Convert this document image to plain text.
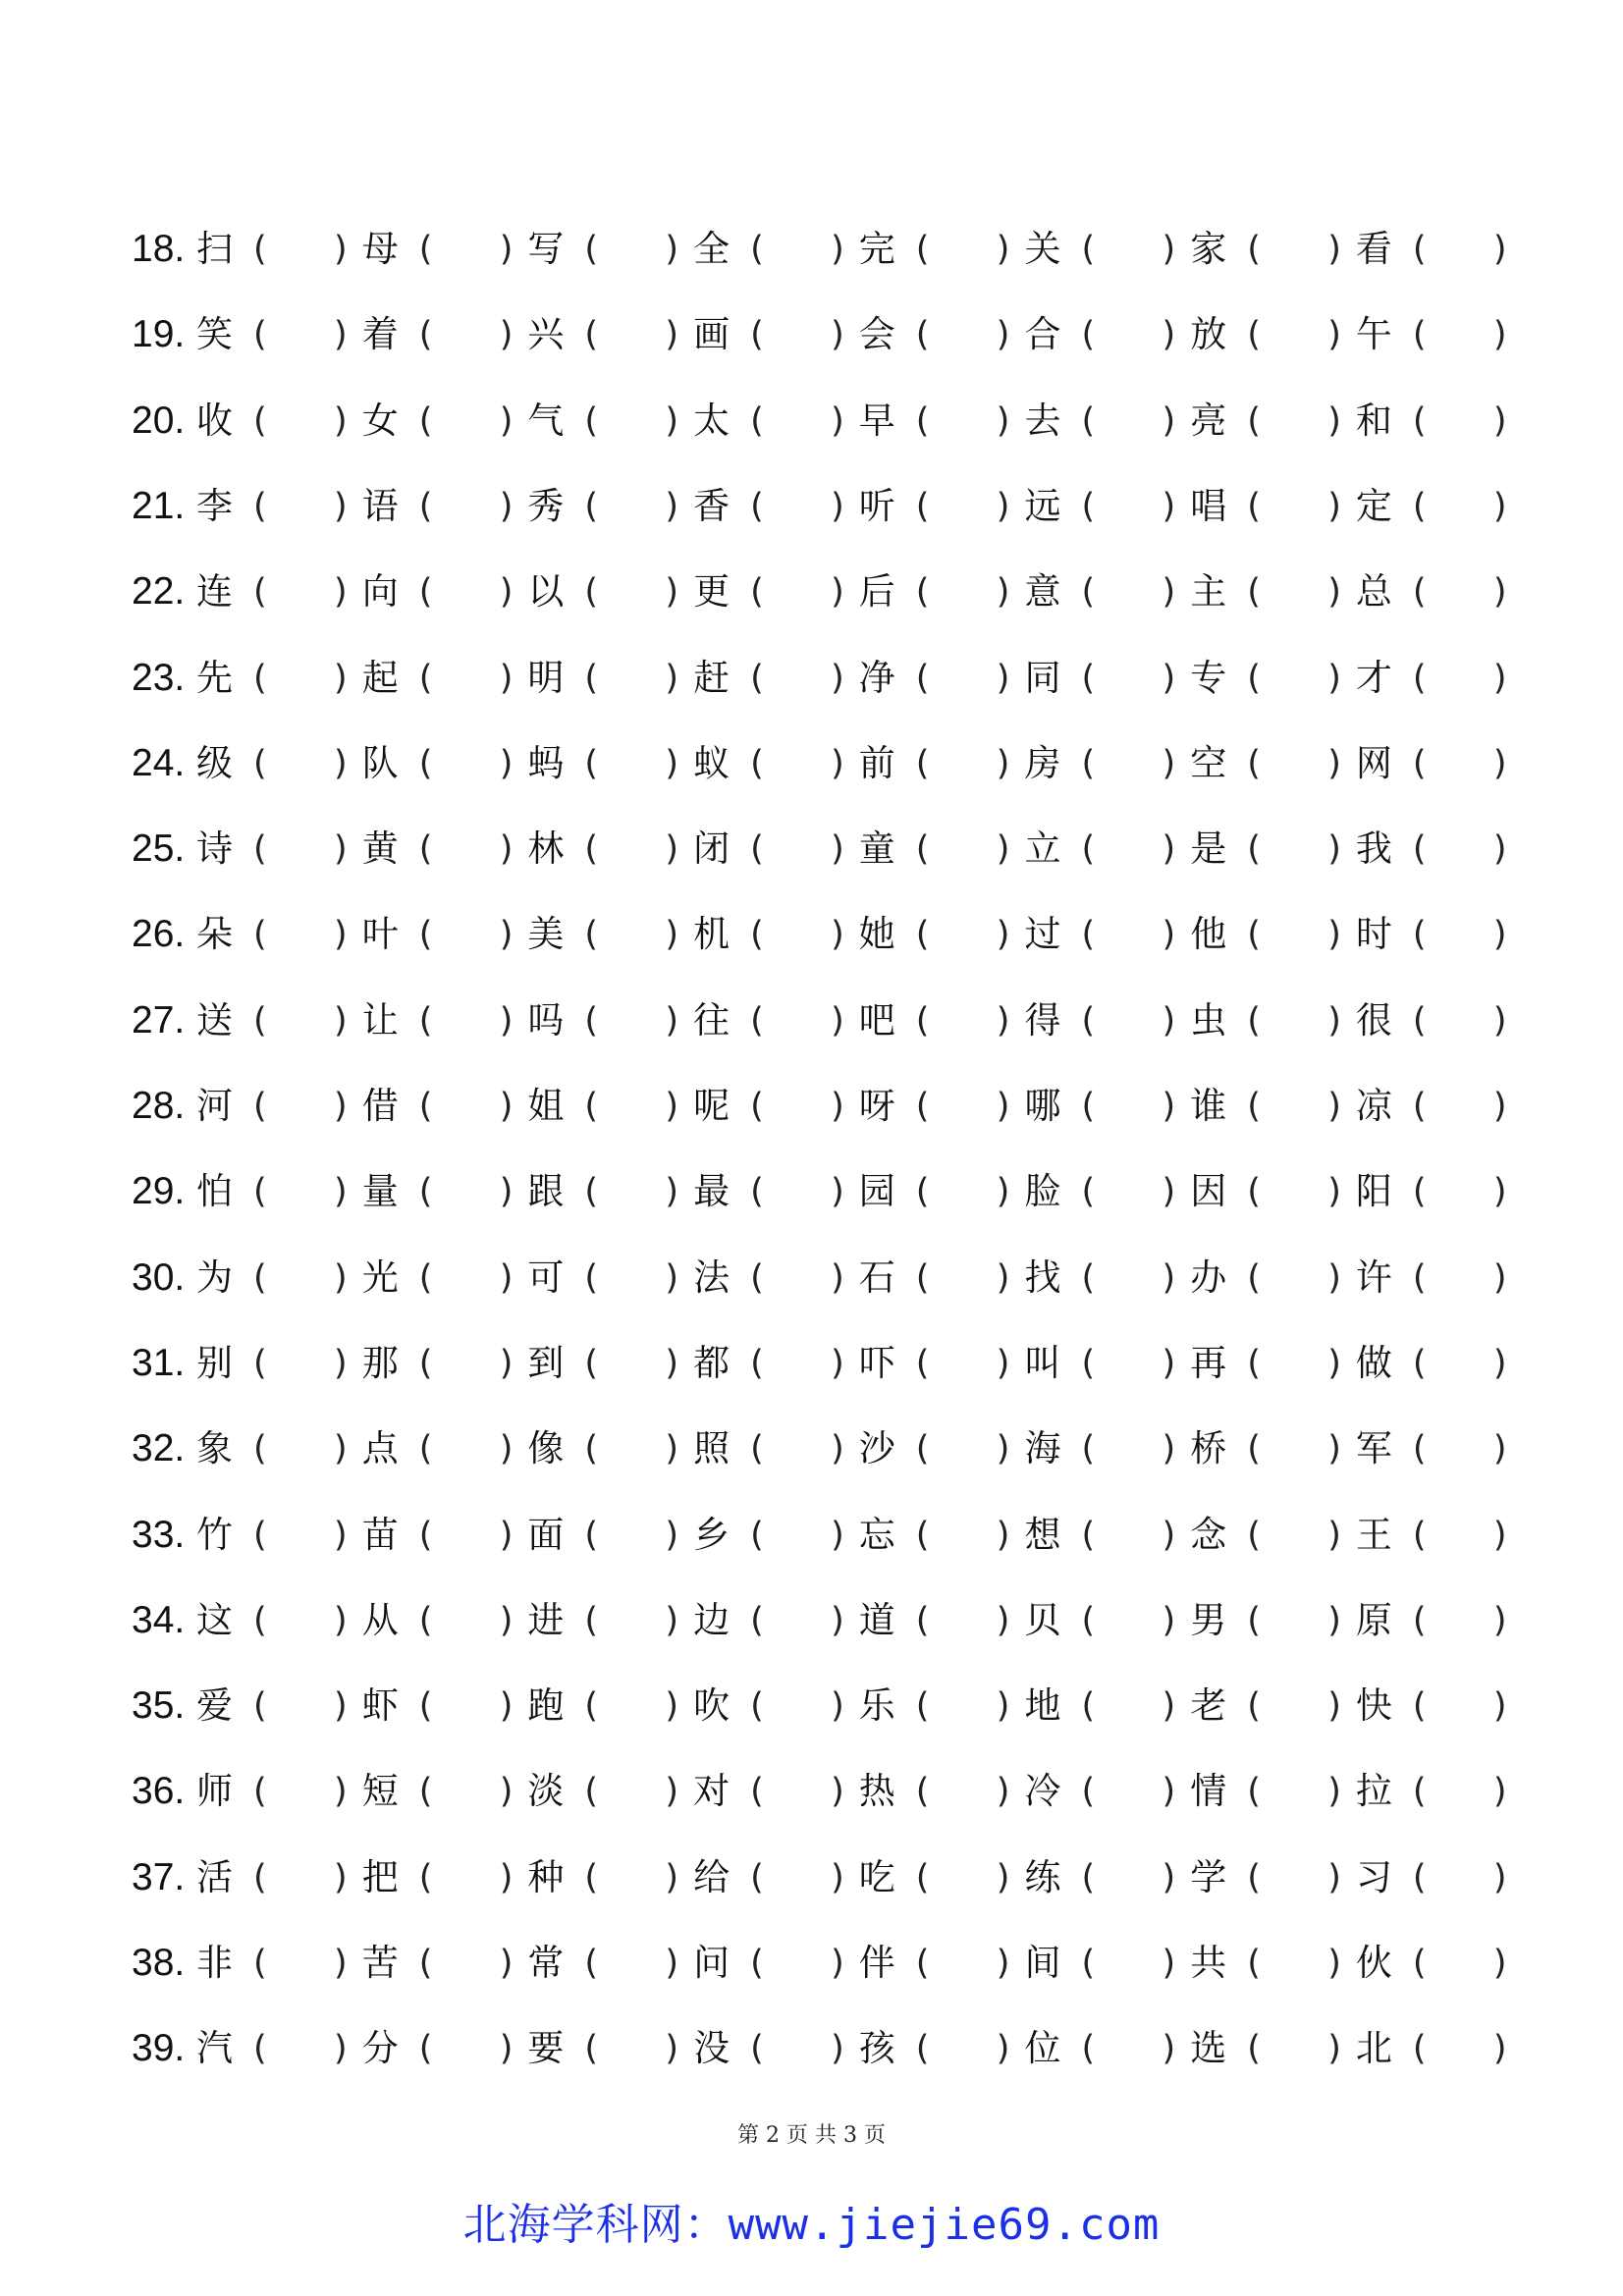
18. 扫 ( ) 母 ( ) 写 ( ) 全 ( ) 完 ( ) 关 ( ) 家 ( ) 看 ( )
19. 笑 ( ) 着 ( ) 兴 ( ) 画 ( ) 会 ( ) 合 ( ) 放 ( ) 午 ( )
20. 收 ( ) 女 ( ) 气 ( ) 太 ( ) 早 ( ) 去 ( ) 亮 ( ) 和 ( )
21. 李 ( ) 语 ( ) 秀 ( ) 香 ( ) 听 ( ) 远 ( ) 唱 ( ) 定 ( )
22. 连 ( ) 向 ( ) 以 ( ) 更 ( ) 后 ( ) 意 ( ) 主 ( ) 总 ( )
23. 先 ( ) 起 ( ) 明 ( ) 赶 ( ) 净 ( ) 同 ( ) 专 ( ) 才 ( )
24. 级 ( ) 队 ( ) 蚂 ( ) 蚁 ( ) 前 ( ) 房 ( ) 空 ( ) 网 ( )
25. 诗 ( ) 黄 ( ) 林 ( ) 闭 ( ) 童 ( ) 立 ( ) 是 ( ) 我 ( )
26. 朵 ( ) 叶 ( ) 美 ( ) 机 ( ) 她 ( ) 过 ( ) 他 ( ) 时 ( )
27. 送 ( ) 让 ( ) 吗 ( ) 往 ( ) 吧 ( ) 得 ( ) 虫 ( ) 很 ( )
28. 河 ( ) 借 ( ) 姐 ( ) 呢 ( ) 呀 ( ) 哪 ( ) 谁 ( ) 凉 ( )
29. 怕 ( ) 量 ( ) 跟 ( ) 最 ( ) 园 ( ) 脸 ( ) 因 ( ) 阳 ( )
30. 为 ( ) 光 ( ) 可 ( ) 法 ( ) 石 ( ) 找 ( ) 办 ( ) 许 ( )
31. 别 ( ) 那 ( ) 到 ( ) 都 ( ) 吓 ( ) 叫 ( ) 再 ( ) 做 ( )
32. 象 ( ) 点 ( ) 像 ( ) 照 ( ) 沙 ( ) 海 ( ) 桥 ( ) 军 ( )
33. 竹 ( ) 苗 ( ) 面 ( ) 乡 ( ) 忘 ( ) 想 ( ) 念 ( ) 王 ( )
34. 这 ( ) 从 ( ) 进 ( ) 边 ( ) 道 ( ) 贝 ( ) 男 ( ) 原 ( )
35. 爱 ( ) 虾 ( ) 跑 ( ) 吹 ( ) 乐 ( ) 地 ( ) 老 ( ) 快 ( )
36. 师 ( ) 短 ( ) 淡 ( ) 对 ( ) 热 ( ) 冷 ( ) 情 ( ) 拉 ( )
37. 活 ( ) 把 ( ) 种 ( ) 给 ( ) 吃 ( ) 练 ( ) 学 ( ) 习 ( )
38. 非 ( ) 苦 ( ) 常 ( ) 问 ( ) 伴 ( ) 间 ( ) 共 ( ) 伙 ( )
39. 汽 ( ) 分 ( ) 要 ( ) 没 ( ) 孩 ( ) 位 ( ) 选 ( ) 北 ( )
第 2 页 共 3 页
北海学科网：www.jiejie69.com
